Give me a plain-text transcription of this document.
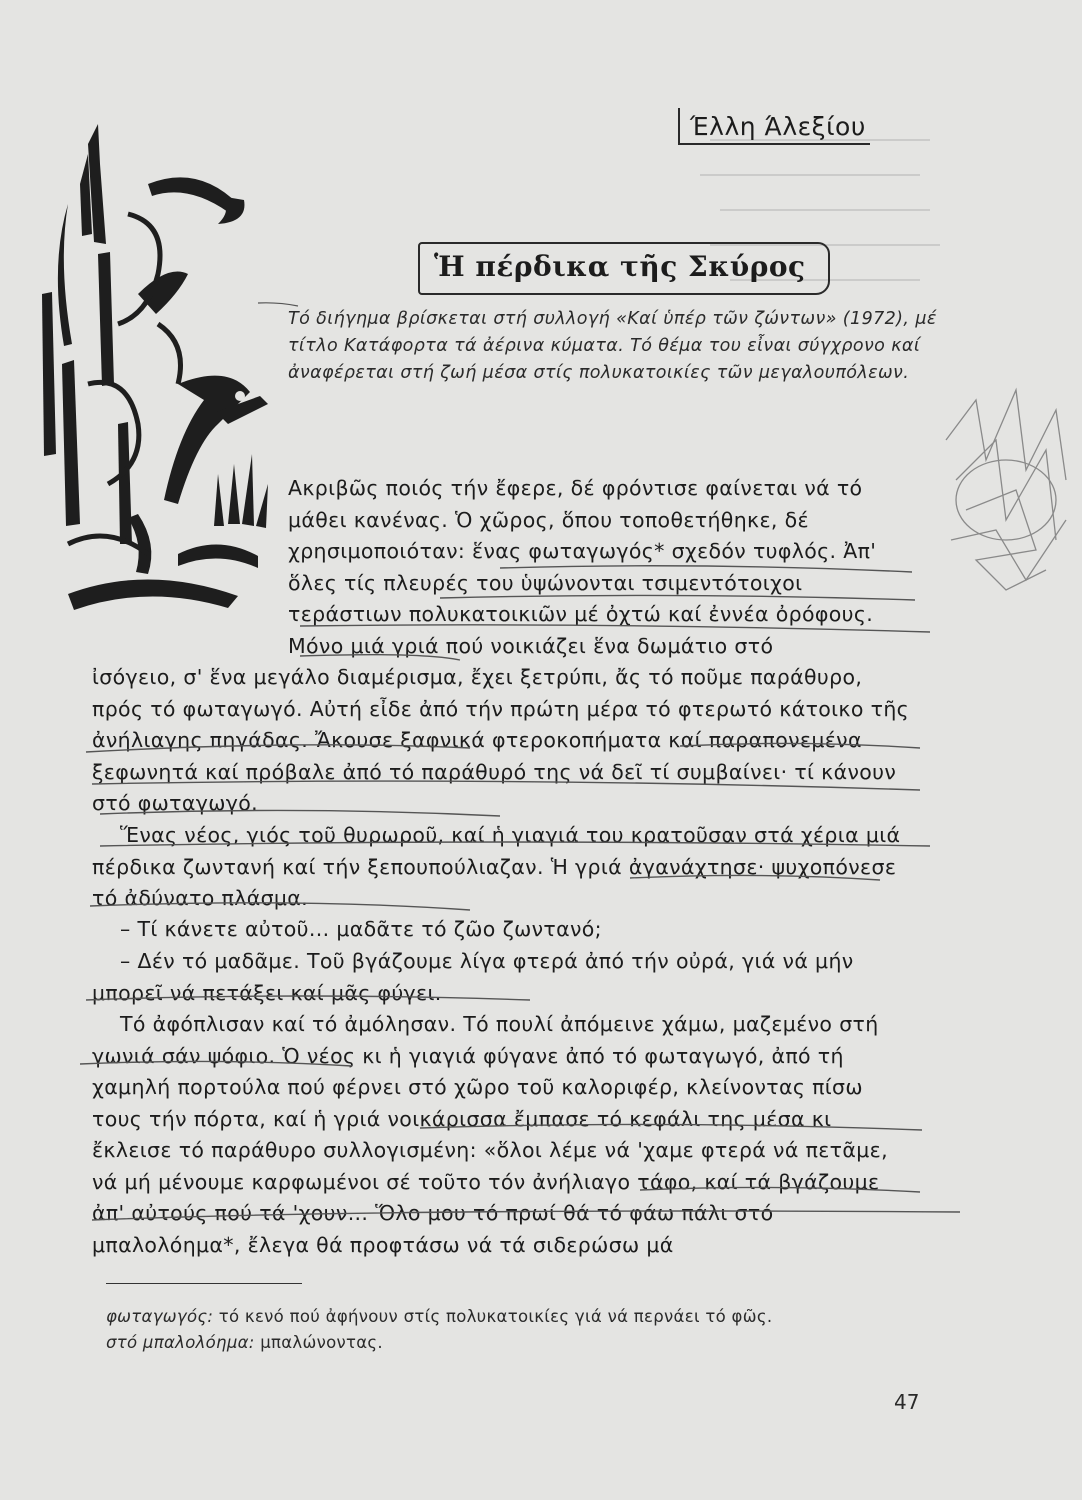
Έλλη Άλεξίου
Ἡ πέρδικα τῆς Σκύρος
Τό διήγημα βρίσκεται στή συλλογή «Καί ὑπέρ τῶν ζώντων» (1972), μέ τίτλο Κατάφορτα τά ἀέρινα κύματα. Τό θέμα του εἶναι σύγχρονο καί ἀναφέρεται στή ζωή μέσα στίς πολυκατοικίες τῶν μεγαλουπόλεων.

Ακριβῶς ποιός τήν ἔφερε, δέ φρόντισε φαίνεται νά τό μάθει κανένας. Ὁ χῶρος, ὅπου τοποθετήθηκε, δέ χρησιμοποιόταν: ἕνας φωταγωγός* σχεδόν τυφλός. Ἀπ' ὅλες τίς πλευρές του ὑψώνονται τσιμεντότοιχοι τεράστιων πολυκατοικιῶν μέ ὀχτώ καί ἐννέα ὀρόφους. Μόνο μιά γριά πού νοικιάζει ἕνα δωμάτιο στό

ἰσόγειο, σ' ἕνα μεγάλο διαμέρισμα, ἔχει ξετρύπι, ἄς τό ποῦμε παράθυρο, πρός τό φωταγωγό. Αὐτή εἶδε ἀπό τήν πρώτη μέρα τό φτερωτό κάτοικο τῆς ἀνήλιαγης πηγάδας. Ἄκουσε ξαφνικά φτεροκοπήματα καί παραπονεμένα ξεφωνητά καί πρόβαλε ἀπό τό παράθυρό της νά δεῖ τί συμβαίνει· τί κάνουν στό φωταγωγό.

Ἕνας νέος, γιός τοῦ θυρωροῦ, καί ἡ γιαγιά του κρατοῦσαν στά χέρια μιά πέρδικα ζωντανή καί τήν ξεπουπούλιαζαν. Ἡ γριά ἀγανάχτησε· ψυχοπόνεσε τό ἀδύνατο πλάσμα.

– Τί κάνετε αὐτοῦ... μαδᾶτε τό ζῶο ζωντανό;

– Δέν τό μαδᾶμε. Τοῦ βγάζουμε λίγα φτερά ἀπό τήν οὐρά, γιά νά μήν μπορεῖ νά πετάξει καί μᾶς φύγει.

Τό ἀφόπλισαν καί τό ἀμόλησαν. Τό πουλί ἀπόμεινε χάμω, μαζεμένο στή γωνιά σάν ψόφιο. Ὁ νέος κι ἡ γιαγιά φύγανε ἀπό τό φωταγωγό, ἀπό τή χαμηλή πορτούλα πού φέρνει στό χῶρο τοῦ καλοριφέρ, κλείνοντας πίσω τους τήν πόρτα, καί ἡ γριά νοικάρισσα ἔμπασε τό κεφάλι της μέσα κι ἔκλεισε τό παράθυρο συλλογισμένη: «ὅλοι λέμε νά 'χαμε φτερά νά πετᾶμε, νά μή μένουμε καρφωμένοι σέ τοῦτο τόν ἀνήλιαγο τάφο, καί τά βγάζουμε ἀπ' αὐτούς πού τά 'χουν... Ὅλο μου τό πρωί θά τό φάω πάλι στό μπαλολόημα*, ἔλεγα θά προφτάσω νά τά σιδερώσω μά

φωταγωγός: τό κενό πού ἀφήνουν στίς πολυκατοικίες γιά νά περνάει τό φῶς.
στό μπαλολόημα: μπαλώνοντας.
47
